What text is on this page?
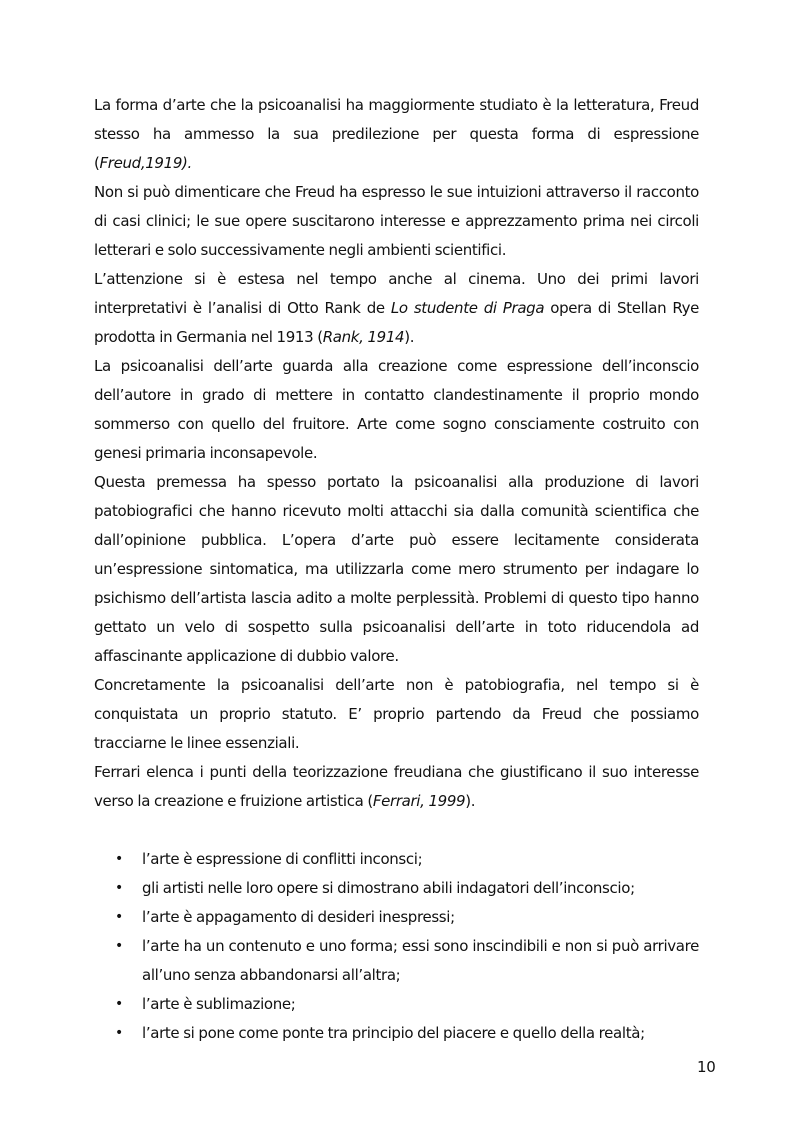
La forma d’arte che la psicoanalisi ha maggiormente studiato è la letteratura, Freud stesso ha ammesso la sua predilezione per questa forma di espressione (Freud,1919).

Non si può dimenticare che Freud ha espresso le sue intuizioni attraverso il racconto di casi clinici; le sue opere suscitarono interesse e apprezzamento prima nei circoli letterari e solo successivamente negli ambienti scientifici.

L’attenzione si è estesa nel tempo anche al cinema. Uno dei primi lavori interpretativi è l’analisi di Otto Rank de Lo studente di Praga opera di Stellan Rye prodotta in Germania nel 1913 (Rank, 1914).

La psicoanalisi dell’arte guarda alla creazione come espressione dell’inconscio dell’autore in grado di mettere in contatto clandestinamente il proprio mondo sommerso con quello del fruitore. Arte come sogno consciamente costruito con genesi primaria inconsapevole.

Questa premessa ha spesso portato la psicoanalisi alla produzione di lavori patobiografici che hanno ricevuto molti attacchi sia dalla comunità scientifica che dall’opinione pubblica. L’opera d’arte può essere lecitamente considerata un’espressione sintomatica, ma utilizzarla come mero strumento per indagare lo psichismo dell’artista lascia adito a molte perplessità. Problemi di questo tipo hanno gettato un velo di sospetto sulla psicoanalisi dell’arte in toto riducendola ad affascinante applicazione di dubbio valore.

Concretamente la psicoanalisi dell’arte non è patobiografia, nel tempo si è conquistata un proprio statuto. E’ proprio partendo da Freud che possiamo tracciarne le linee essenziali.

Ferrari elenca i punti della teorizzazione freudiana che giustificano il suo interesse verso la creazione e fruizione artistica (Ferrari, 1999).

• l’arte è espressione di conflitti inconsci;
• gli artisti nelle loro opere si dimostrano abili indagatori dell’inconscio;
• l’arte è appagamento di desideri inespressi;
• l’arte ha un contenuto e uno forma; essi sono inscindibili e non si può arrivare all’uno senza abbandonarsi all’altra;
• l’arte è sublimazione;
• l’arte si pone come ponte tra principio del piacere e quello della realtà;
10
